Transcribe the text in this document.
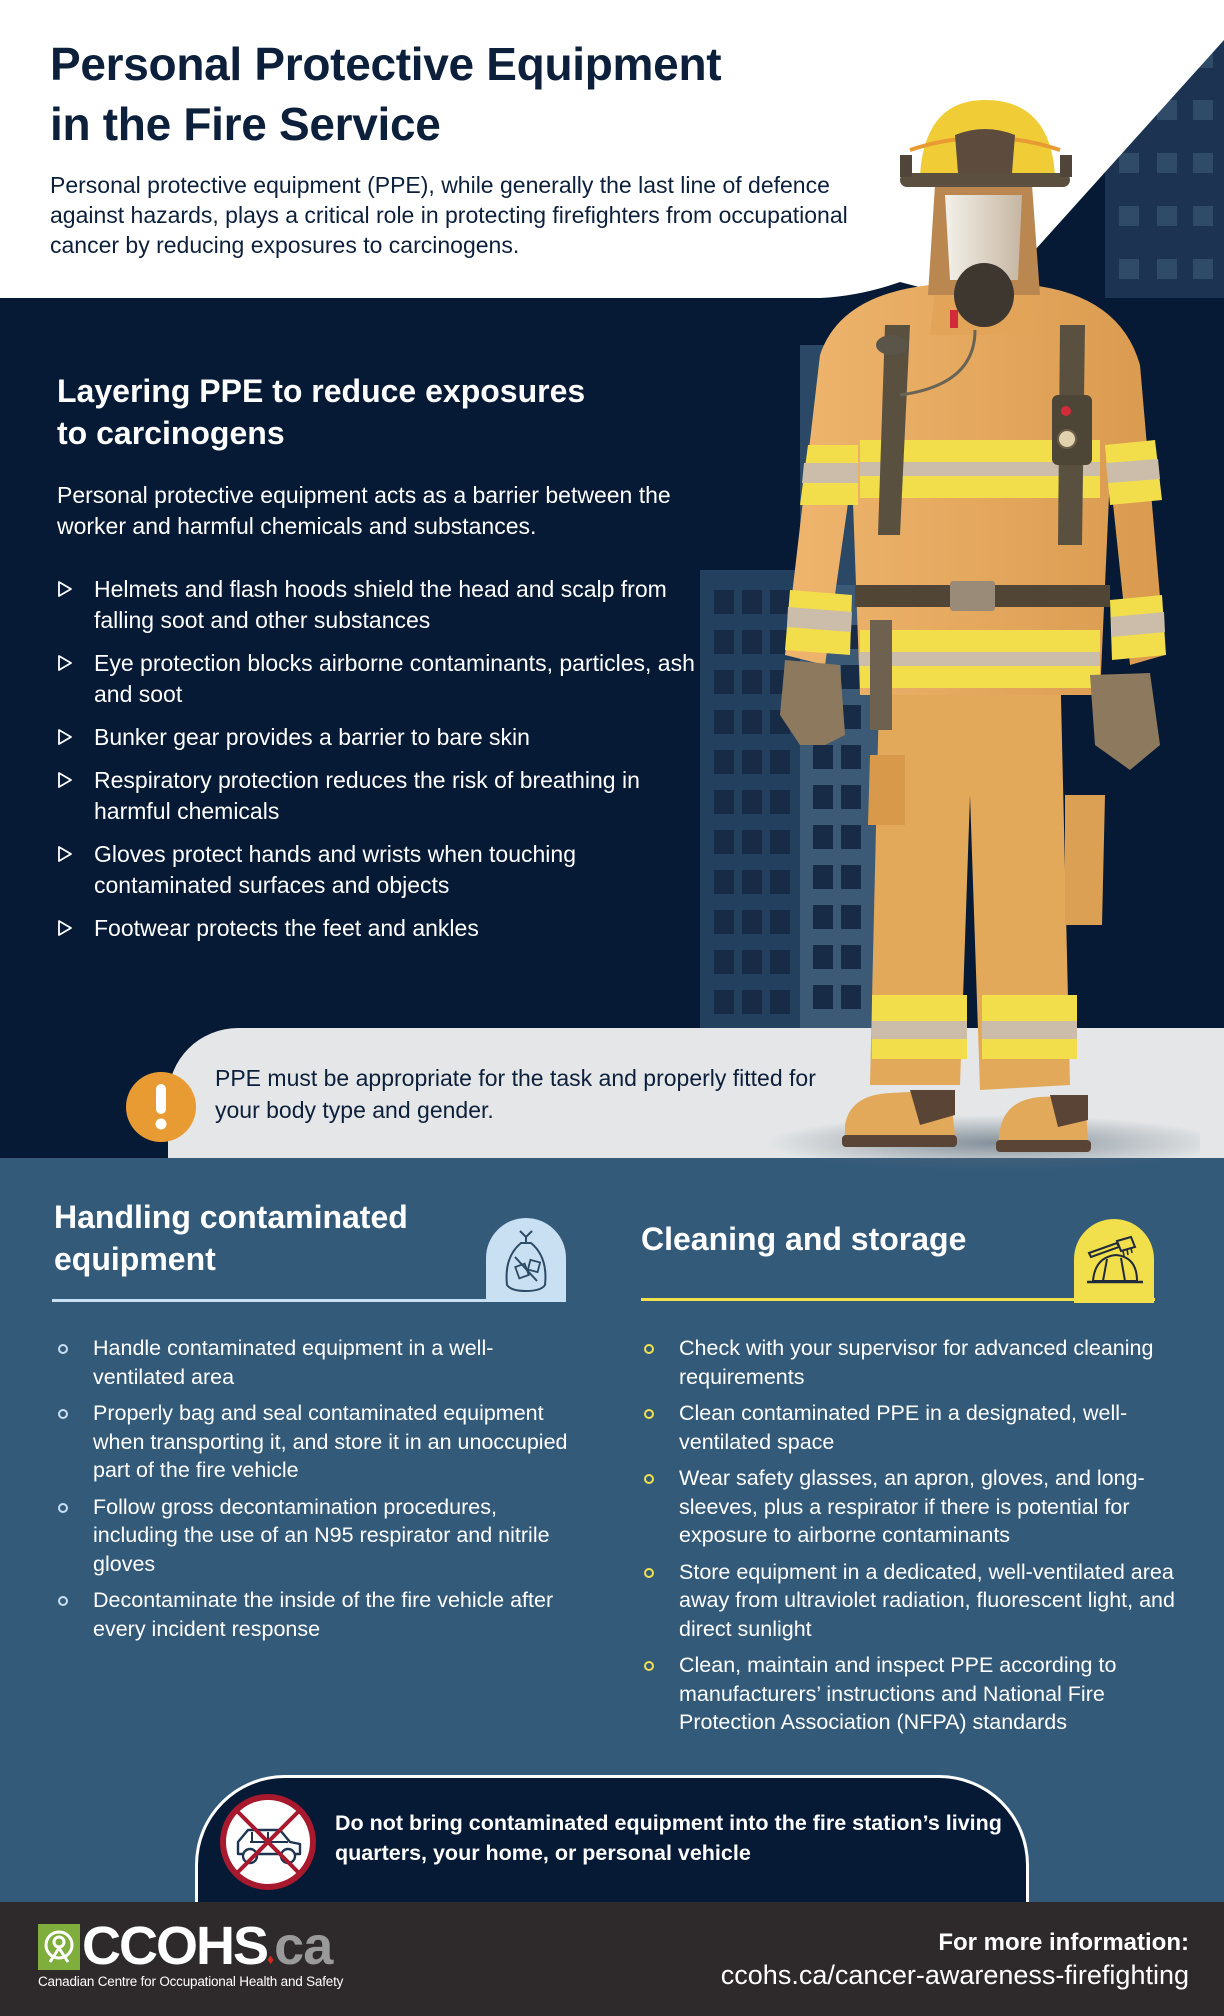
Personal Protective Equipment
in the Fire Service

Personal protective equipment (PPE), while generally the last line of defence against hazards, plays a critical role in protecting firefighters from occupational cancer by reducing exposures to carcinogens.

Layering PPE to reduce exposures
to carcinogens

Personal protective equipment acts as a barrier between the worker and harmful chemicals and substances.

Helmets and flash hoods shield the head and scalp from falling soot and other substances
Eye protection blocks airborne contaminants, particles, ash and soot
Bunker gear provides a barrier to bare skin
Respiratory protection reduces the risk of breathing in harmful chemicals
Gloves protect hands and wrists when touching contaminated surfaces and objects
Footwear protects the feet and ankles

PPE must be appropriate for the task and properly fitted for your body type and gender.

Handling contaminated
equipment
Handle contaminated equipment in a well-ventilated area
Properly bag and seal contaminated equipment when transporting it, and store it in an unoccupied part of the fire vehicle
Follow gross decontamination procedures, including the use of an N95 respirator and nitrile gloves
Decontaminate the inside of the fire vehicle after every incident response
Cleaning and storage
Check with your supervisor for advanced cleaning requirements
Clean contaminated PPE in a designated, well-ventilated space
Wear safety glasses, an apron, gloves, and long-sleeves, plus a respirator if there is potential for exposure to airborne contaminants
Store equipment in a dedicated, well-ventilated area away from ultraviolet radiation, fluorescent light, and direct sunlight
Clean, maintain and inspect PPE according to manufacturers’ instructions and National Fire Protection Association (NFPA) standards

Do not bring contaminated equipment into the fire station’s living quarters, your home, or personal vehicle

CCOHS♦ca
Canadian Centre for Occupational Health and Safety
For more information:
ccohs.ca/cancer-awareness-firefighting
